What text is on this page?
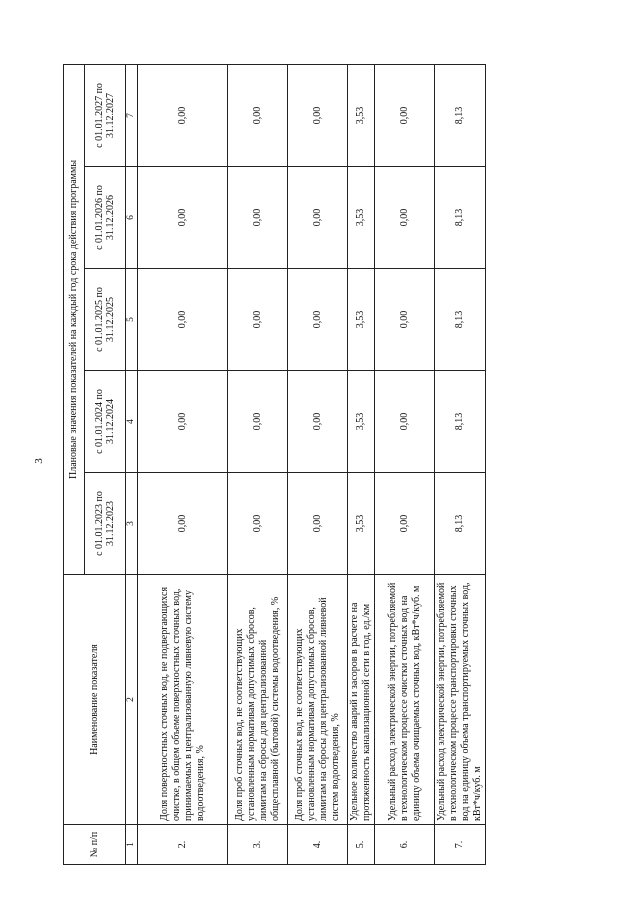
3
№ п/п	Наименование показателя	Плановые значения показателей на каждый год срока действия программы				
		с 01.01.2023 по 31.12.2023	с 01.01.2024 по 31.12.2024	с 01.01.2025 по 31.12.2025	с 01.01.2026 по 31.12.2026	с 01.01.2027 по 31.12.2027
1	2	3	4	5	6	7
2.	Доля поверхностных сточных вод, не подвергающихся очистке, в общем объеме поверхностных сточных вод, принимаемых в централизованную ливневую систему водоотведения, %	0,00	0,00	0,00	0,00	0,00
3.	Доля проб сточных вод, не соответствующих установленным нормативам допустимых сбросов, лимитам на сбросы для централизованной общесплавной (бытовой) системы водоотведения, %	0,00	0,00	0,00	0,00	0,00
4.	Доля проб сточных вод, не соответствующих установленным нормативам допустимых сбросов, лимитам на сбросы для централизованной ливневой систем водоотведения, %	0,00	0,00	0,00	0,00	0,00
5.	Удельное количество аварий и засоров в расчете на протяженность канализационной сети в год, ед./км	3,53	3,53	3,53	3,53	3,53
6.	Удельный расход электрической энергии, потребляемой в технологическом процессе очистки сточных вод на единицу объема очищаемых сточных вод, кВт*ч/куб. м	0,00	0,00	0,00	0,00	0,00
7.	Удельный расход электрической энергии, потребляемой в технологическом процессе транспортировки сточных вод на единицу объема транспортируемых сточных вод, кВт*ч/куб. м	8,13	8,13	8,13	8,13	8,13
